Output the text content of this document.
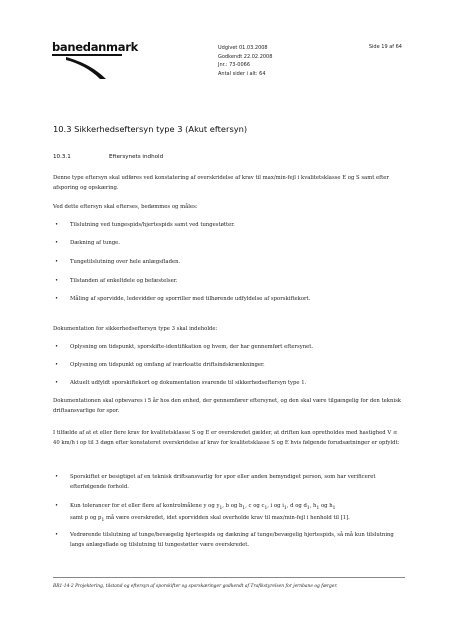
banedanmark	Udgivet 01.03.2008
Godkendt 22.02.2008
Jnr.: 73-0066
Antal sider i alt: 64
Side 19 af 64
10.3 Sikkerhedseftersyn type 3 (Akut eftersyn)
10.3.1	Eftersynets indhold

Denne type eftersyn skal udføres ved konstatering af overskridelse af krav til max/min-fejl i kvalitetsklasse E og S samt efter afsporing og opskæring.

Ved dette eftersyn skal efterses, bedømmes og måles:

• Tilslutning ved tungespids/hjertespids samt ved tungestøtter.
• Dækning af tunge.
• Tungetilslutning over hele anlægsfladen.
• Tilstanden af enkeltdele og befæstelser.
• Måling af sporvidde, ledevidder og sporriller med tilhørende udfyldelse af sporskiftekort.

Dokumentation for sikkerhedseftersyn type 3 skal indeholde:

• Oplysning om tidspunkt, sporskifte-identifikation og hvem, der har gennemført eftersynet.
• Oplysning om tidspunkt og omfang af iværksatte driftsindskrænkninger.
• Aktuelt udfyldt sporskiftekort og dokumentation svarende til sikkerhedseftersyn type 1.

Dokumentationen skal opbevares i 5 år hos den enhed, der gennemfører eftersynet, og den skal være tilgængelig for den teknisk driftsansvarlige for spor.

I tilfælde af at et eller flere krav for kvalitetsklasse S og E er overskredet gælder, at driften kan opretholdes med hastighed V ≤ 40 km/h i op til 3 døgn efter konstateret overskridelse af krav for kvalitetsklasse S og E hvis følgende forudsætninger er opfyldt:

• Sporskiftet er besigtiget af en teknisk driftsansvarlig for spor eller anden bemyndiget person, som har verificeret efterfølgende forhold.
• Kun tolerancer for et eller flere af kontrolmålene y og $y_1$, b og $b_1$, c og $c_1$, i og $i_1$, d og $d_1$, $h_1$ og $h_1$
samt p og $p_1$ må være overskredet, idet sporvidden skal overholde krav til max/min-fejl i henhold til [1].
• Vedrørende tilslutning af tunge/bevægelig hjertespids og dækning af tunge/bevægelig hjertespids, så må kun tilslutning langs anlægsflade og tilslutning til tungestøtter være overskredet.
BR1-14-2 Projektering, tilstand og eftersyn af sporskifter og sporskæringer godkendt af Trafikstyrelsen for jernbane og færger.
